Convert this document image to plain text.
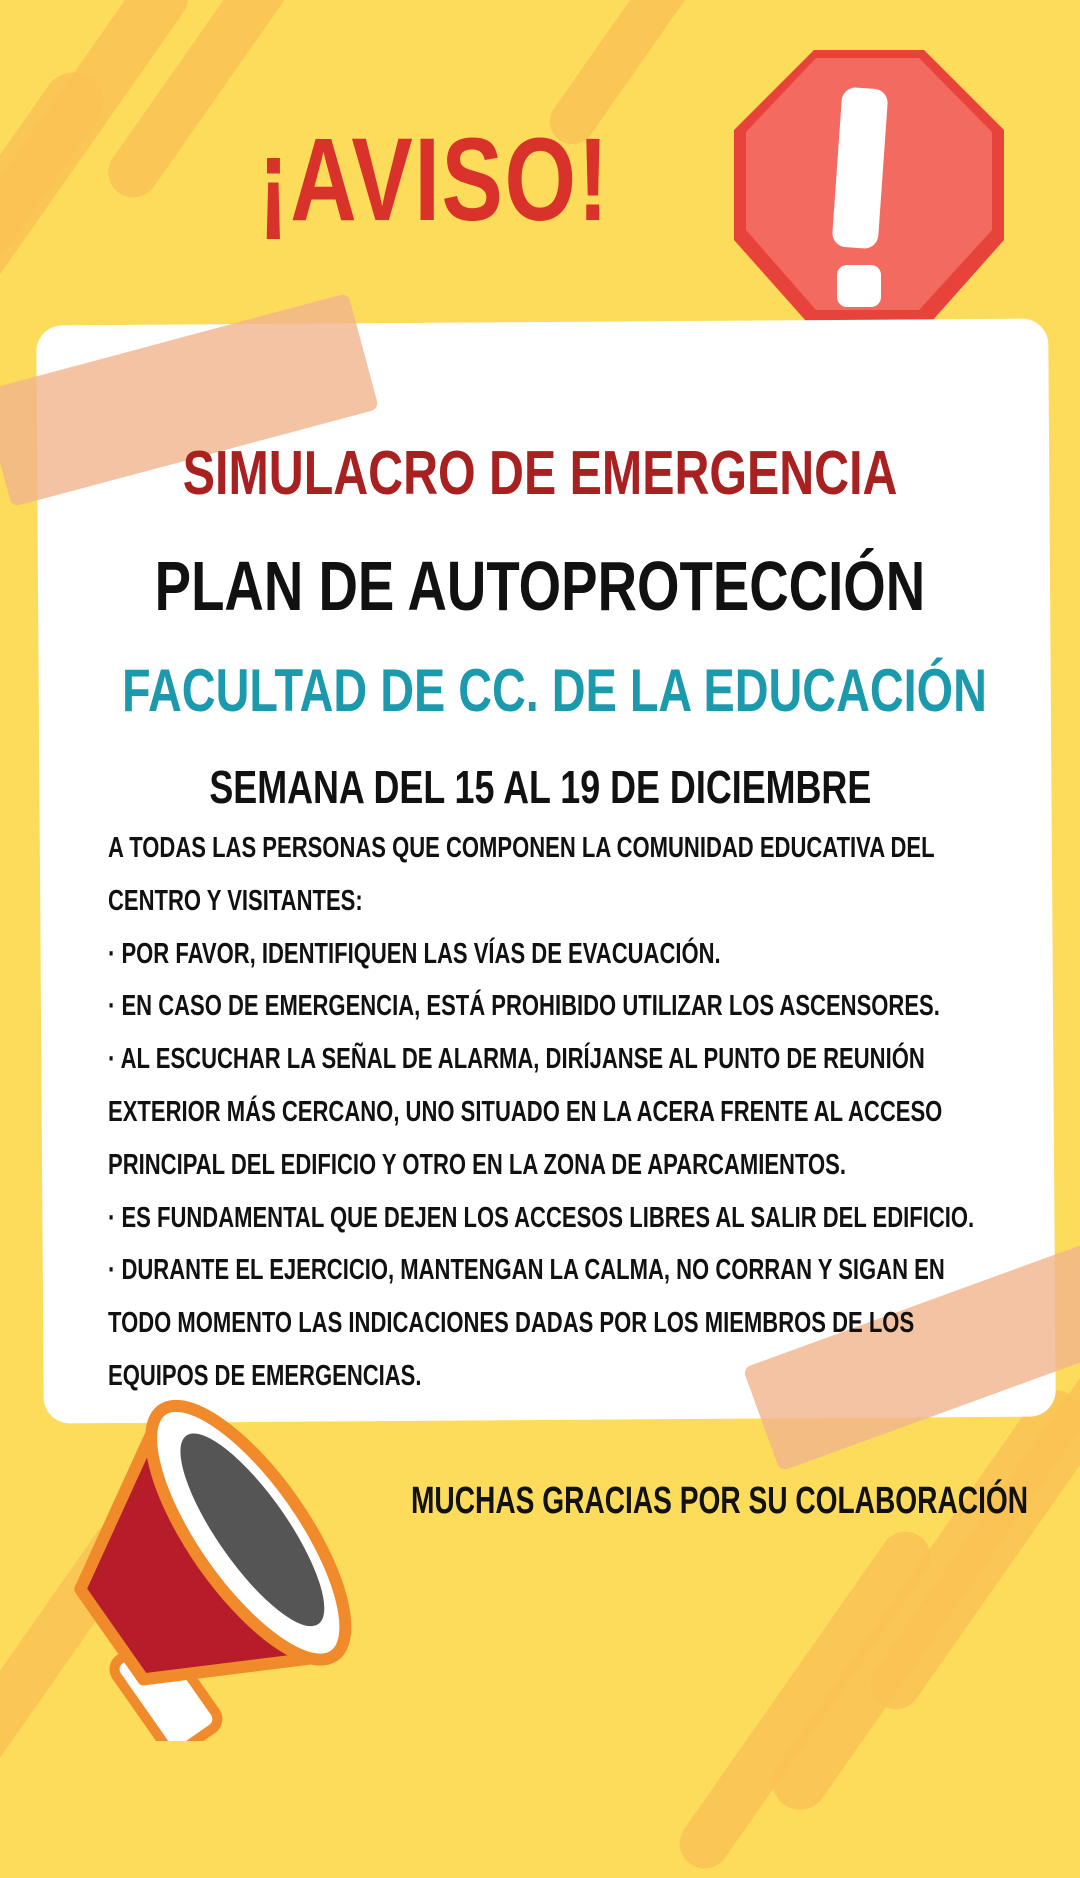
¡AVISO!
SIMULACRO DE EMERGENCIA
PLAN DE AUTOPROTECCIÓN
FACULTAD DE CC. DE LA EDUCACIÓN
SEMANA DEL 15 AL 19 DE DICIEMBRE
A TODAS LAS PERSONAS QUE COMPONEN LA COMUNIDAD EDUCATIVA DEL
CENTRO Y VISITANTES:
· POR FAVOR, IDENTIFIQUEN LAS VÍAS DE EVACUACIÓN.
· EN CASO DE EMERGENCIA, ESTÁ PROHIBIDO UTILIZAR LOS ASCENSORES.
· AL ESCUCHAR LA SEÑAL DE ALARMA, DIRÍJANSE AL PUNTO DE REUNIÓN
EXTERIOR MÁS CERCANO, UNO SITUADO EN LA ACERA FRENTE AL ACCESO
PRINCIPAL DEL EDIFICIO Y OTRO EN LA ZONA DE APARCAMIENTOS.
· ES FUNDAMENTAL QUE DEJEN LOS ACCESOS LIBRES AL SALIR DEL EDIFICIO.
· DURANTE EL EJERCICIO, MANTENGAN LA CALMA, NO CORRAN Y SIGAN EN
TODO MOMENTO LAS INDICACIONES DADAS POR LOS MIEMBROS DE LOS
EQUIPOS DE EMERGENCIAS.
MUCHAS GRACIAS POR SU COLABORACIÓN
